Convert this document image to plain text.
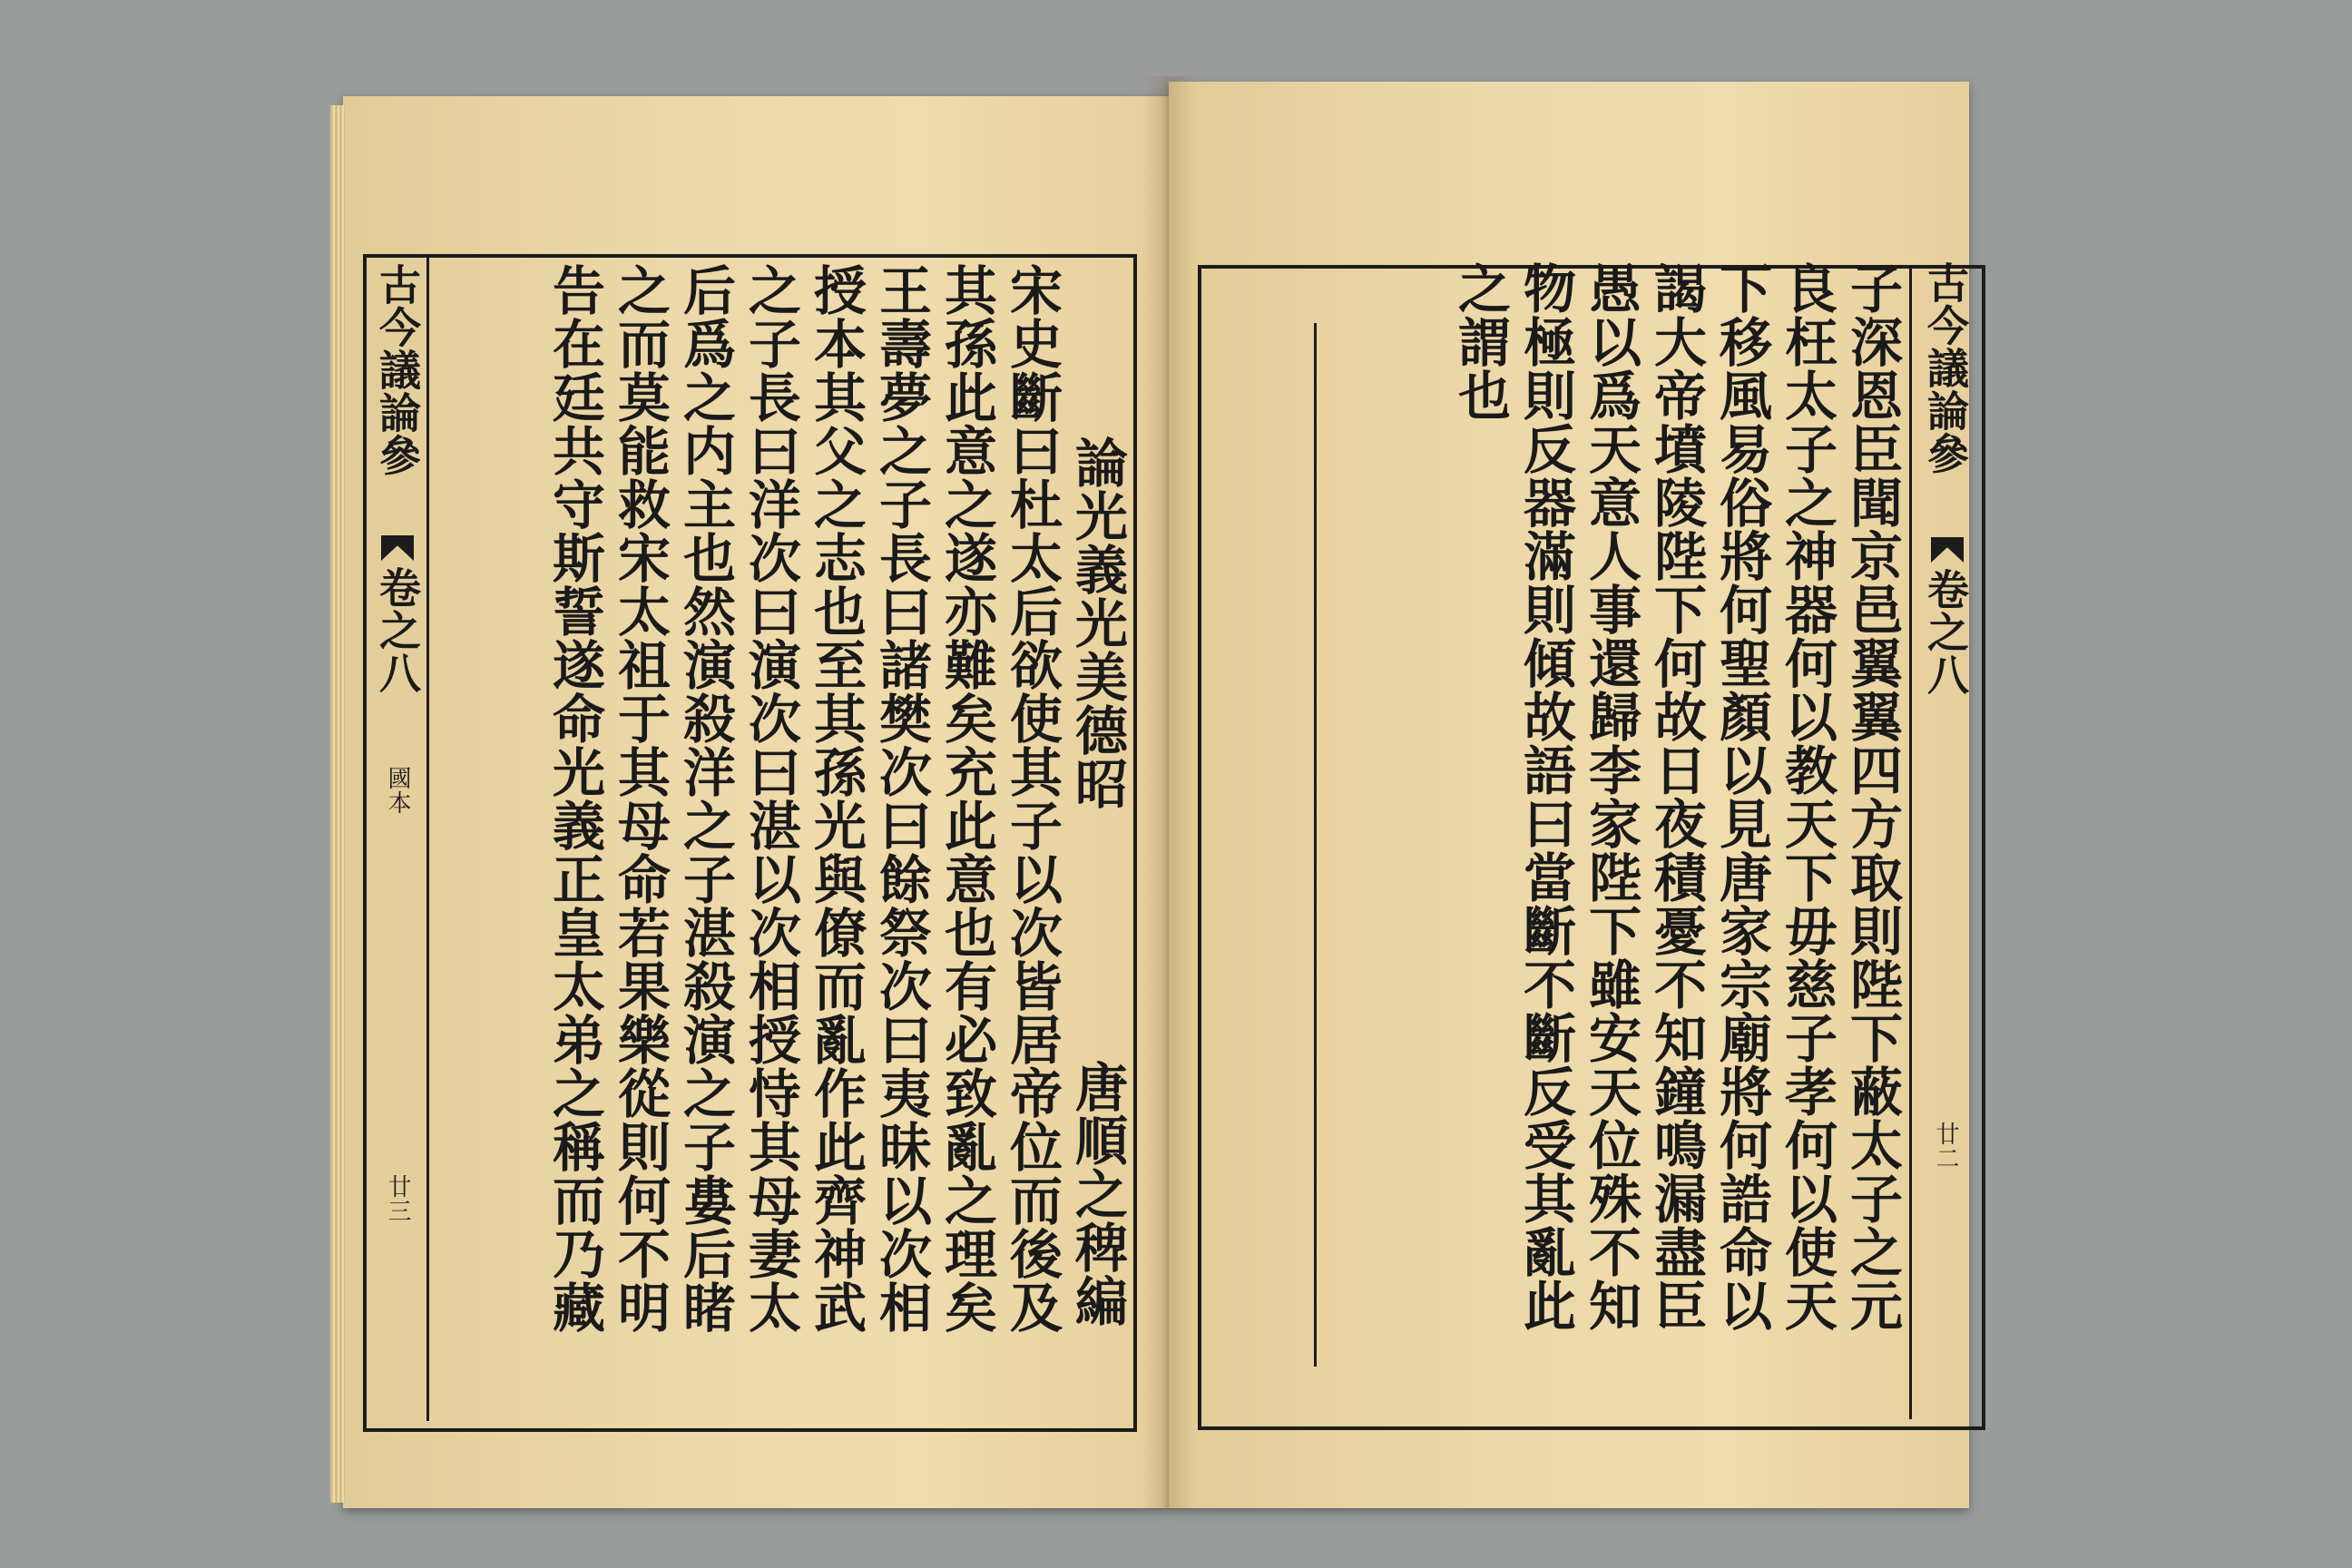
古今議論參
卷之八
國本
廿三
論光義光美德昭
唐順之稗編
宋史斷曰杜太后欲使其子以次皆居帝位而後及
其孫此意之遂亦難矣充此意也有必致亂之理矣
王壽夢之子長曰諸樊次曰餘祭次曰夷昧以次相
授本其父之志也至其孫光與僚而亂作此齊神武
之子長曰洋次曰演次曰湛以次相授恃其母妻太
后爲之内主也然演殺洋之子湛殺演之子婁后睹
之而莫能救宋太祖于其母命若果樂從則何不明
告在廷共守斯誓遂命光義正皇太弟之稱而乃藏	古今議論參
卷之八
廿二
子深恩臣聞京邑翼翼四方取則陛下蔽太子之元
良枉太子之神器何以教天下毋慈子孝何以使天
下移風易俗將何聖顏以見唐家宗廟將何誥命以
謁大帝墳陵陛下何故日夜積憂不知鐘鳴漏盡臣
愚以爲天意人事還歸李家陛下雖安天位殊不知
物極則反器滿則傾故語曰當斷不斷反受其亂此
之謂也
